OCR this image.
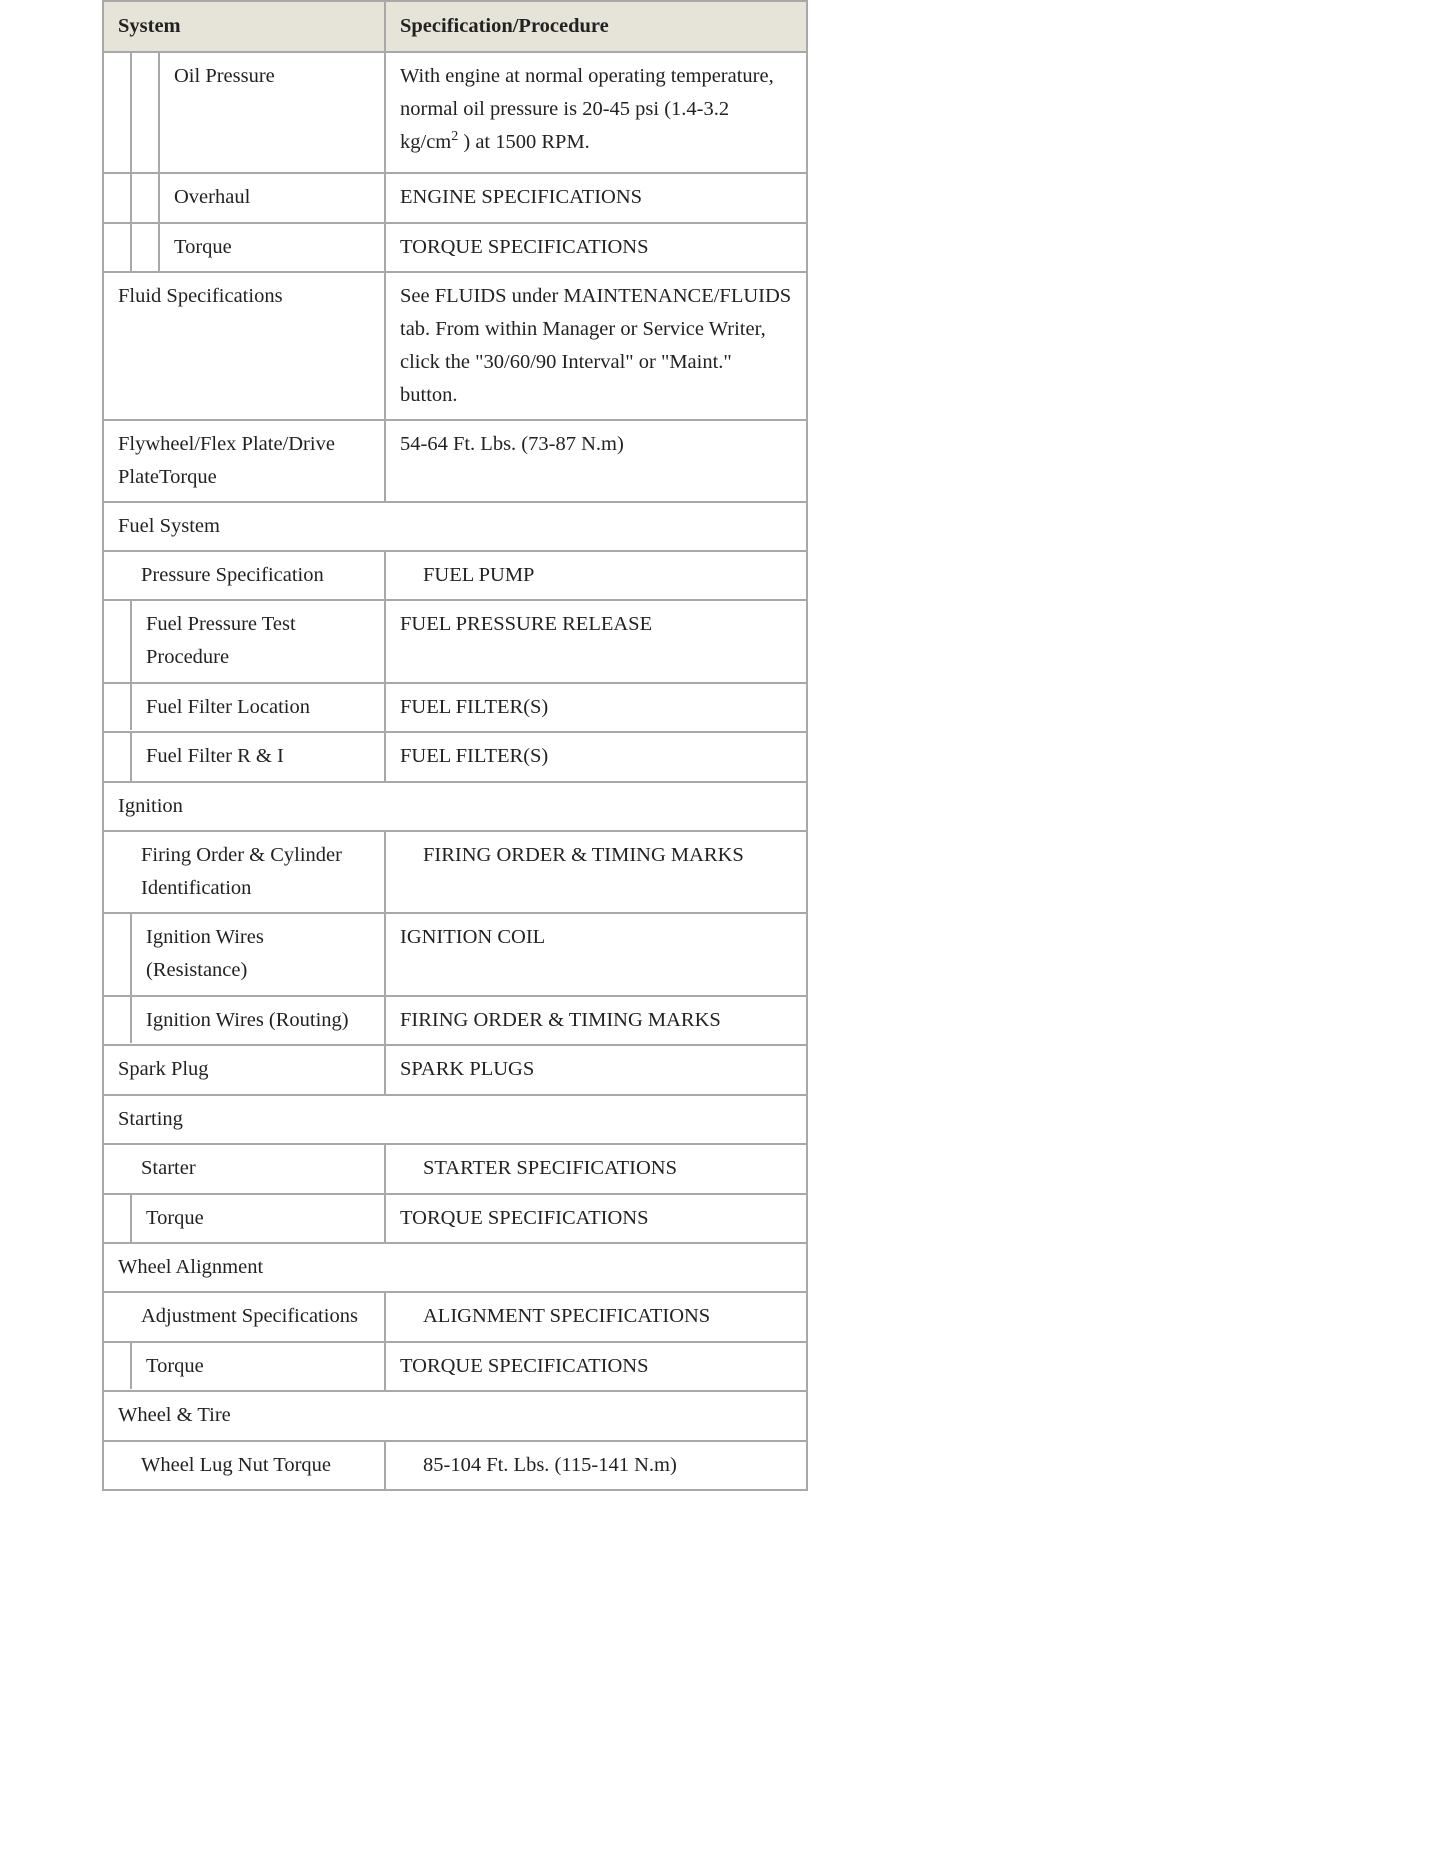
System	Specification/Procedure

Oil Pressure	With engine at normal operating temperature, normal oil pressure is 20-45 psi (1.4-3.2 $kg/cm^2$ ) at 1500 RPM.

Overhaul	ENGINE SPECIFICATIONS

Torque	TORQUE SPECIFICATIONS

Fluid Specifications	See FLUIDS under MAINTENANCE/FLUIDS tab. From within Manager or Service Writer, click the "30/60/90 Interval" or "Maint." button.

Flywheel/Flex Plate/Drive PlateTorque	54-64 Ft. Lbs. (73-87 N.m)

Fuel System	

Pressure Specification	FUEL PUMP

Fuel Pressure Test Procedure	FUEL PRESSURE RELEASE

Fuel Filter Location	FUEL FILTER(S)

Fuel Filter R & I	FUEL FILTER(S)

Ignition	

Firing Order & Cylinder Identification	FIRING ORDER & TIMING MARKS

Ignition Wires (Resistance)	IGNITION COIL

Ignition Wires (Routing)	FIRING ORDER & TIMING MARKS

Spark Plug	SPARK PLUGS

Starting	

Starter	STARTER SPECIFICATIONS

Torque	TORQUE SPECIFICATIONS

Wheel Alignment	

Adjustment Specifications	ALIGNMENT SPECIFICATIONS

Torque	TORQUE SPECIFICATIONS

Wheel & Tire	

Wheel Lug Nut Torque	85-104 Ft. Lbs. (115-141 N.m)
